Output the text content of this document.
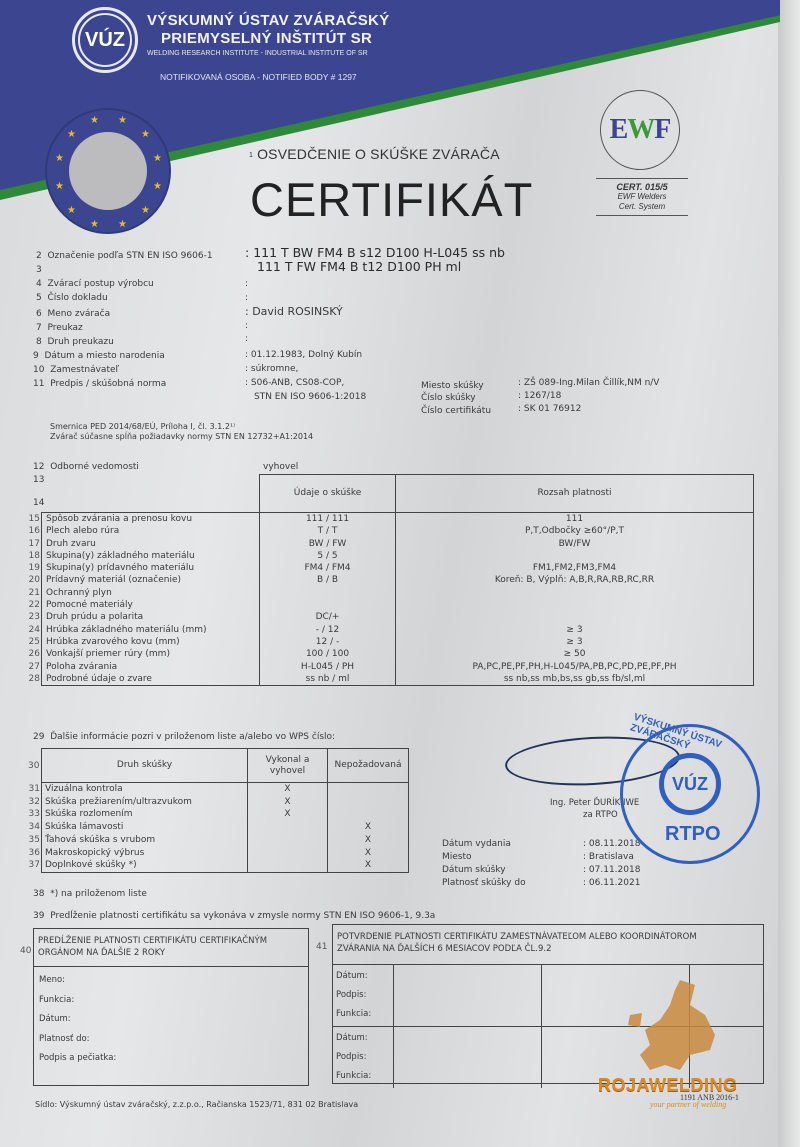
VÚZ
VÝSKUMNÝ ÚSTAV ZVÁRAČSKÝ
PRIEMYSELNÝ INŠTITÚT SR
WELDING RESEARCH INSTITUTE - INDUSTRIAL INSTITUTE OF SR
NOTIFIKOVANÁ OSOBA - NOTIFIED BODY # 1297
★ ★
★	★
★	★
★	★
★	★
★ ★
1 OSVEDČENIE O SKÚŠKE ZVÁRAČA
CERTIFIKÁT
EWF
CERT. 015/5
EWF Welders
Cert. System
2 Označenie podľa STN EN ISO 9606-1	: 111 T BW FM4 B s12 D100 H-L045 ss nb
3	111 T FW FM4 B t12 D100 PH ml
4 Zvárací postup výrobcu	:
5 Číslo dokladu	:
6 Meno zvárača	: David ROSINSKÝ
7 Preukaz	:
8 Druh preukazu	:
9 Dátum a miesto narodenia	: 01.12.1983, Dolný Kubín
10 Zamestnávateľ	: súkromne,
11 Predpis / skúšobná norma	: S06-ANB, CS08-COP,
STN EN ISO 9606-1:2018
Miesto skúšky	: ZŠ 089-Ing.Milan Čillík,NM n/V
Číslo skúšky	: 1267/18
Číslo certifikátu	: SK 01 76912
Smernica PED 2014/68/EÚ, Príloha I, čl. 3.1.2¹⁾
Zvárač súčasne spĺňa požiadavky normy STN EN 12732+A1:2014
12 Odborné vedomosti	vyhovel
13
14
	Údaje o skúške	Rozsah platnosti

15 Spôsob zvárania a prenosu kovu	111 / 111	111

16 Plech alebo rúra	T / T	P,T,Odbočky ≥60°/P,T

17 Druh zvaru	BW / FW	BW/FW

18 Skupina(y) základného materiálu	5 / 5	

19 Skupina(y) prídavného materiálu	FM4 / FM4	FM1,FM2,FM3,FM4

20 Prídavný materiál (označenie)	B / B	Koreň: B, Výplň: A,B,R,RA,RB,RC,RR

21 Ochranný plyn		

22 Pomocné materiály		

23 Druh prúdu a polarita	DC/+	

24 Hrúbka základného materiálu (mm)	- / 12	≥ 3

25 Hrúbka zvarového kovu (mm)	12 / -	≥ 3

26 Vonkajší priemer rúry (mm)	100 / 100	≥ 50

27 Poloha zvárania	H-L045 / PH	PA,PC,PE,PF,PH,H-L045/PA,PB,PC,PD,PE,PF,PH

28 Podrobné údaje o zvare	ss nb / ml	ss nb,ss mb,bs,ss gb,ss fb/sl,ml
29 Ďalšie informácie pozri v priloženom liste a/alebo vo WPS číslo:
30	Druh skúšky	Vykonal a
vyhovel	Nepožadovaná

31 Vizuálna kontrola	X	

32 Skúška prežiarením/ultrazvukom	X	

33 Skúška rozlomením	X	

34 Skúška lámavosti		X

35 Ťahová skúška s vrubom		X

36 Makroskopický výbrus		X

37 Doplnkové skúšky *)		X
38 *) na priloženom liste
Ing. Peter ĎURÍK IWE
za RTPO
Dátum vydania	: 08.11.2018
Miesto	: Bratislava
Dátum skúšky	: 07.11.2018
Platnosť skúšky do	: 06.11.2021
VÝSKUMNÝ ÚSTAV ZVÁRAČSKÝ
VÚZ
RTPO
39 Predĺženie platnosti certifikátu sa vykonáva v zmysle normy STN EN ISO 9606-1, 9.3a
40
PREDĹŽENIE PLATNOSTI CERTIFIKÁTU CERTIFIKAČNÝM
ORGÁNOM NA ĎALŠIE 2 ROKY
Meno:
Funkcia:
Dátum:
Platnosť do:
Podpis a pečiatka:
41
POTVRDENIE PLATNOSTI CERTIFIKÁTU ZAMESTNÁVATEĽOM ALEBO KOORDINÁTOROM
ZVÁRANIA NA ĎALŠÍCH 6 MESIACOV PODĽA ČL.9.2
Dátum:
Podpis:
Funkcia:			

Dátum:
Podpis:
Funkcia:			

1191 ANB 2016-1
ROJAWELDING
your partner of welding
Sídlo: Výskumný ústav zváračský, z.z.p.o., Račianska 1523/71, 831 02 Bratislava
